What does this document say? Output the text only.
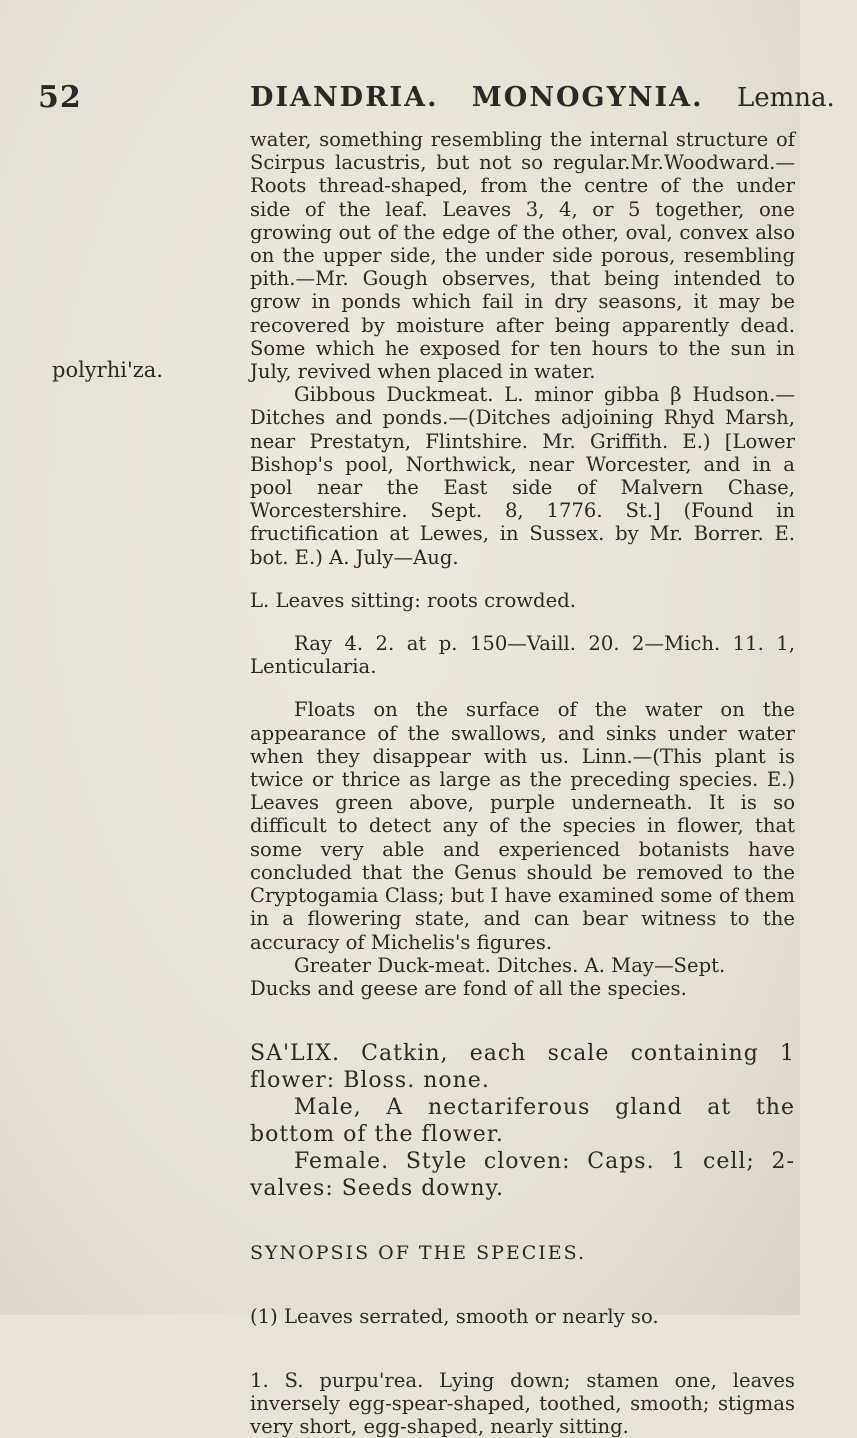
52	DIANDRIA. MONOGYNIA. Lemna.
polyrhi'za.

water, something resembling the internal structure of Scirpus lacustris, but not so regular.Mr.Woodward.—Roots thread-shaped, from the centre of the under side of the leaf. Leaves 3, 4, or 5 together, one growing out of the edge of the other, oval, convex also on the upper side, the under side porous, resembling pith.—Mr. Gough observes, that being intended to grow in ponds which fail in dry seasons, it may be recovered by moisture after being apparently dead. Some which he exposed for ten hours to the sun in July, revived when placed in water.

Gibbous Duckmeat. L. minor gibba β Hudson.—Ditches and ponds.—(Ditches adjoining Rhyd Marsh, near Prestatyn, Flintshire. Mr. Griffith. E.) [Lower Bishop's pool, Northwick, near Worcester, and in a pool near the East side of Malvern Chase, Worcestershire. Sept. 8, 1776. St.] (Found in fructification at Lewes, in Sussex. by Mr. Borrer. E. bot. E.) A. July—Aug.

L. Leaves sitting: roots crowded.

Ray 4. 2. at p. 150—Vaill. 20. 2—Mich. 11. 1, Lenticularia.

Floats on the surface of the water on the appearance of the swallows, and sinks under water when they disappear with us. Linn.—(This plant is twice or thrice as large as the preceding species. E.) Leaves green above, purple underneath. It is so difficult to detect any of the species in flower, that some very able and experienced botanists have concluded that the Genus should be removed to the Cryptogamia Class; but I have examined some of them in a flowering state, and can bear witness to the accuracy of Michelis's figures.

Greater Duck-meat. Ditches. A. May—Sept.

Ducks and geese are fond of all the species.

SA'LIX. Catkin, each scale containing 1 flower: Bloss. none.

Male, A nectariferous gland at the bottom of the flower.

Female. Style cloven: Caps. 1 cell; 2-valves: Seeds downy.

SYNOPSIS OF THE SPECIES.

(1) Leaves serrated, smooth or nearly so.

1. S. purpu'rea. Lying down; stamen one, leaves inversely egg-spear-shaped, toothed, smooth; stigmas very short, egg-shaped, nearly sitting.
